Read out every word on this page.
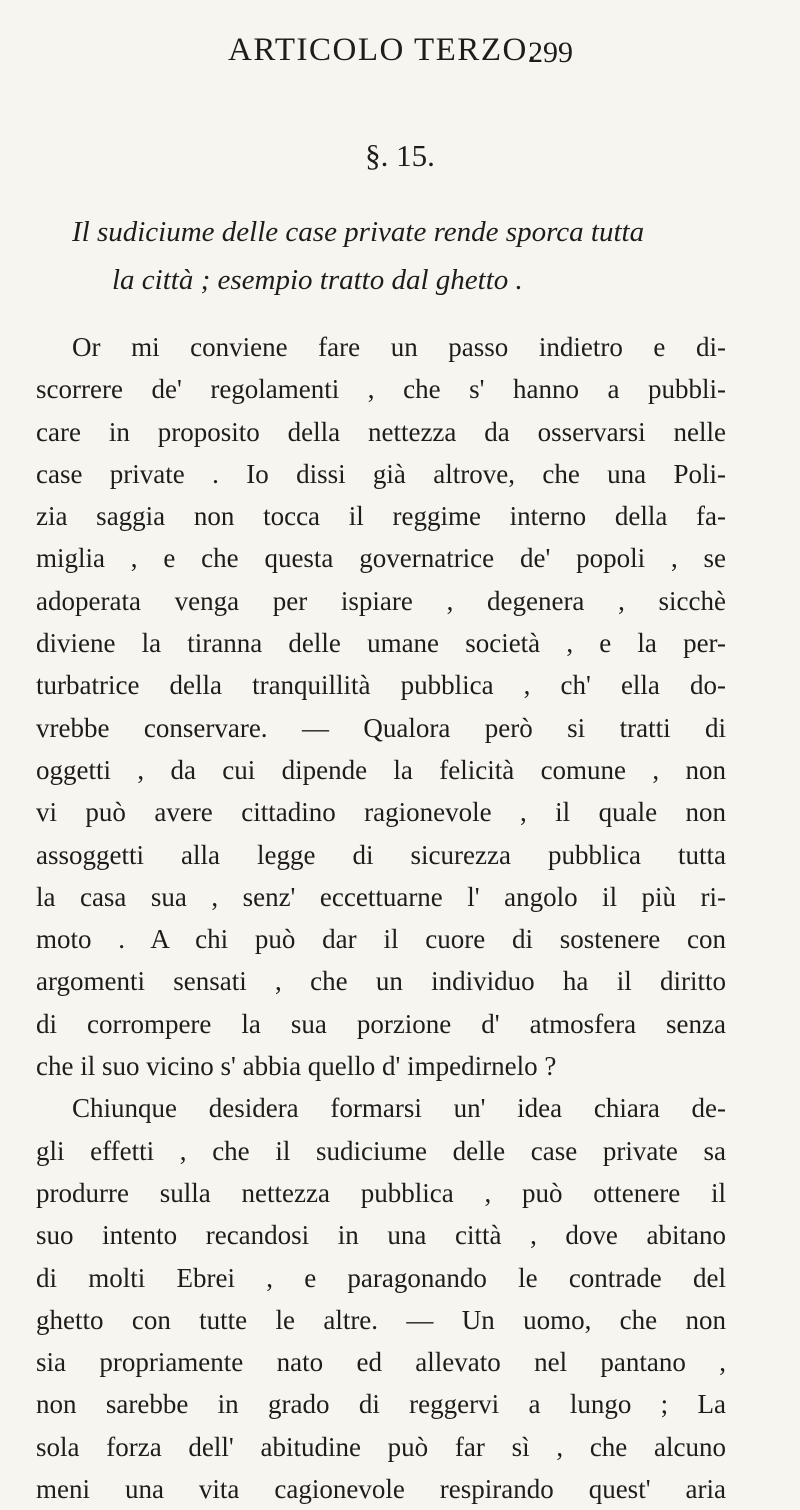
ARTICOLO TERZO.
299
§. 15.
Il sudiciume delle case private rende sporca tutta
la città ; esempio tratto dal ghetto .
Or mi conviene fare un passo indietro e di-
scorrere de' regolamenti , che s' hanno a pubbli-
care in proposito della nettezza da osservarsi nelle
case private . Io dissi già altrove, che una Poli-
zia saggia non tocca il reggime interno della fa-
miglia , e che questa governatrice de' popoli , se
adoperata venga per ispiare , degenera , sicchè
diviene la tiranna delle umane società , e la per-
turbatrice della tranquillità pubblica , ch' ella do-
vrebbe conservare. — Qualora però si tratti di
oggetti , da cui dipende la felicità comune , non
vi può avere cittadino ragionevole , il quale non
assoggetti alla legge di sicurezza pubblica tutta
la casa sua , senz' eccettuarne l' angolo il più ri-
moto . A chi può dar il cuore di sostenere con
argomenti sensati , che un individuo ha il diritto
di corrompere la sua porzione d' atmosfera senza
che il suo vicino s' abbia quello d' impedirnelo ?
Chiunque desidera formarsi un' idea chiara de-
gli effetti , che il sudiciume delle case private sa
produrre sulla nettezza pubblica , può ottenere il
suo intento recandosi in una città , dove abitano
di molti Ebrei , e paragonando le contrade del
ghetto con tutte le altre. — Un uomo, che non
sia propriamente nato ed allevato nel pantano ,
non sarebbe in grado di reggervi a lungo ; La
sola forza dell' abitudine può far sì , che alcuno
meni una vita cagionevole respirando quest' aria
